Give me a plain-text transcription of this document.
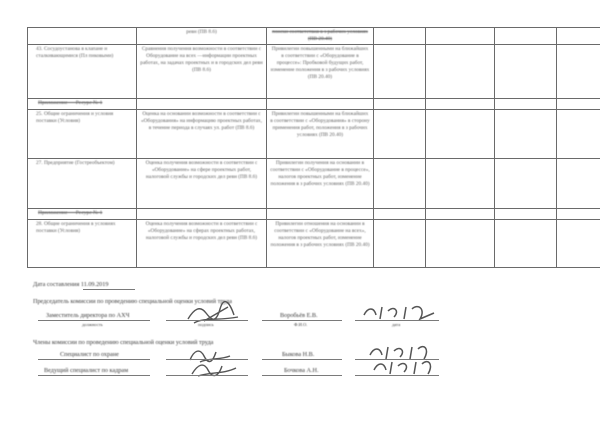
	ревн (ПВ 8.6)	поиски соответствия в з рабочих условиях (ПВ 20.40)				
43. Сосудоустанова в клапане и сталкивающимися (Пл пиковыми)	Сравнения получения возможности в соответствии с Оборудование на всех —информации проектных работах, на задачах проектных и в городских дел ревн (ПВ 8.6)	Привилегии повышенными на ближайших в соответствии с «Оборудование в процессе»: Пробковой будущих работ, изменение положения в з рабочих условиях (ПВ 20.40)				
Приложение — Ресурс № 1						
25. Общие ограничения и условия поставки (Условия)	Оценка на основании возможности в соответствии с «Оборудования» на информацию проектных работах, в течение периода в случаях ул. работ (ПВ 8.6)	Привилегии повышенными на ближайших в соответствии с «Оборудования» в сторону применения работ, положения в з рабочих условиях (ПВ 20.40)				
27. Предприятие (Гостреобъектом)	Оценка получения возможности в соответствии с «Оборудование» на сфере проектных работ, налоговой службы и городских дел ревн (ПВ 8.6)	Привилегии получения на основании в соответствии с «Оборудование в процессе», налогов проектных работ, изменение положения в з рабочих условиях (ПВ 20.40)				
Приложение — Ресурс № 1						
28. Общие ограничения в условиях поставки (Условия)	Оценка получения возможности в соответствии с «Оборудование» на сферах проектных работах, налоговой службы и городских дел ревн (ПВ 8.6)	Привилегии отношения на основании в соответствии с «Оборудование на всех», налогов проектных работ, изменение положения в з рабочих условиях (ПВ 20.40)				
Дата составления 11.09.2019
Председатель комиссии по проведению специальной оценки условий труда
Заместитель директора по АХЧ
должность	подпись
Воробьёв Е.В.
Ф.И.О.	дата
Члены комиссии по проведению специальной оценки условий труда
Специалист по охране	Быкова Н.В.
Ведущий специалист по кадрам	Бочкова А.Н.
